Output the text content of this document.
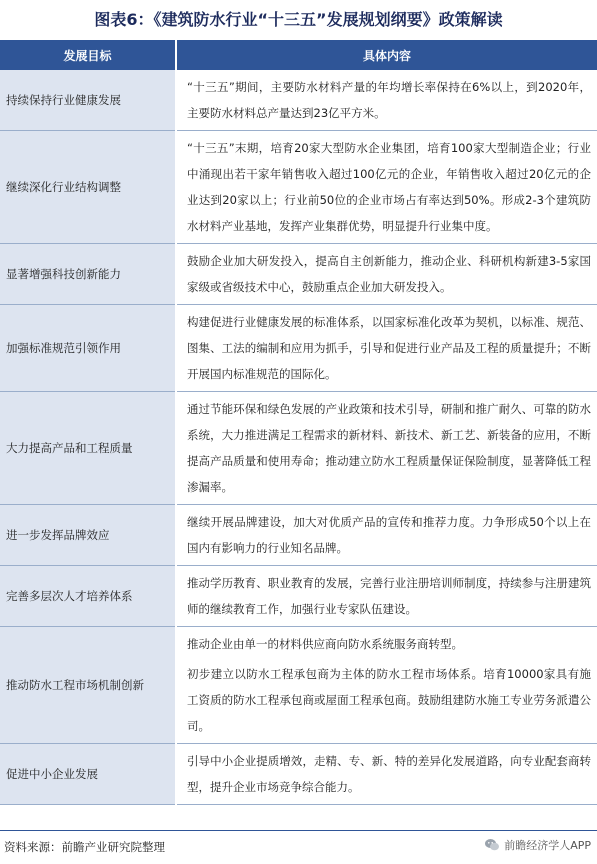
图表6：《建筑防水行业“十三五”发展规划纲要》政策解读
发展目标	具体内容
持续保持行业健康发展	“十三五”期间，主要防水材料产量的年均增长率保持在6%以上，到2020年，主要防水材料总产量达到23亿平方米。

继续深化行业结构调整	“十三五”末期，培育20家大型防水企业集团，培育100家大型制造企业；行业中涌现出若干家年销售收入超过100亿元的企业，年销售收入超过20亿元的企业达到20家以上；行业前50位的企业市场占有率达到50%。形成2-3个建筑防水材料产业基地，发挥产业集群优势，明显提升行业集中度。

显著增强科技创新能力	鼓励企业加大研发投入，提高自主创新能力，推动企业、科研机构新建3-5家国家级或省级技术中心，鼓励重点企业加大研发投入。

加强标准规范引领作用	构建促进行业健康发展的标准体系，以国家标准化改革为契机，以标准、规范、图集、工法的编制和应用为抓手，引导和促进行业产品及工程的质量提升；不断开展国内标准规范的国际化。

大力提高产品和工程质量	通过节能环保和绿色发展的产业政策和技术引导，研制和推广耐久、可靠的防水系统，大力推进满足工程需求的新材料、新技术、新工艺、新装备的应用，不断提高产品质量和使用寿命；推动建立防水工程质量保证保险制度，显著降低工程渗漏率。

进一步发挥品牌效应	继续开展品牌建设，加大对优质产品的宣传和推荐力度。力争形成50个以上在国内有影响力的行业知名品牌。

完善多层次人才培养体系	推动学历教育、职业教育的发展，完善行业注册培训师制度，持续参与注册建筑师的继续教育工作，加强行业专家队伍建设。

推动防水工程市场机制创新	推动企业由单一的材料供应商向防水系统服务商转型。

初步建立以防水工程承包商为主体的防水工程市场体系。培育10000家具有施工资质的防水工程承包商或屋面工程承包商。鼓励组建防水施工专业劳务派遣公司。

促进中小企业发展	引导中小企业提质增效，走精、专、新、特的差异化发展道路，向专业配套商转型，提升企业市场竞争综合能力。

资料来源：前瞻产业研究院整理	前瞻经济学人APP
